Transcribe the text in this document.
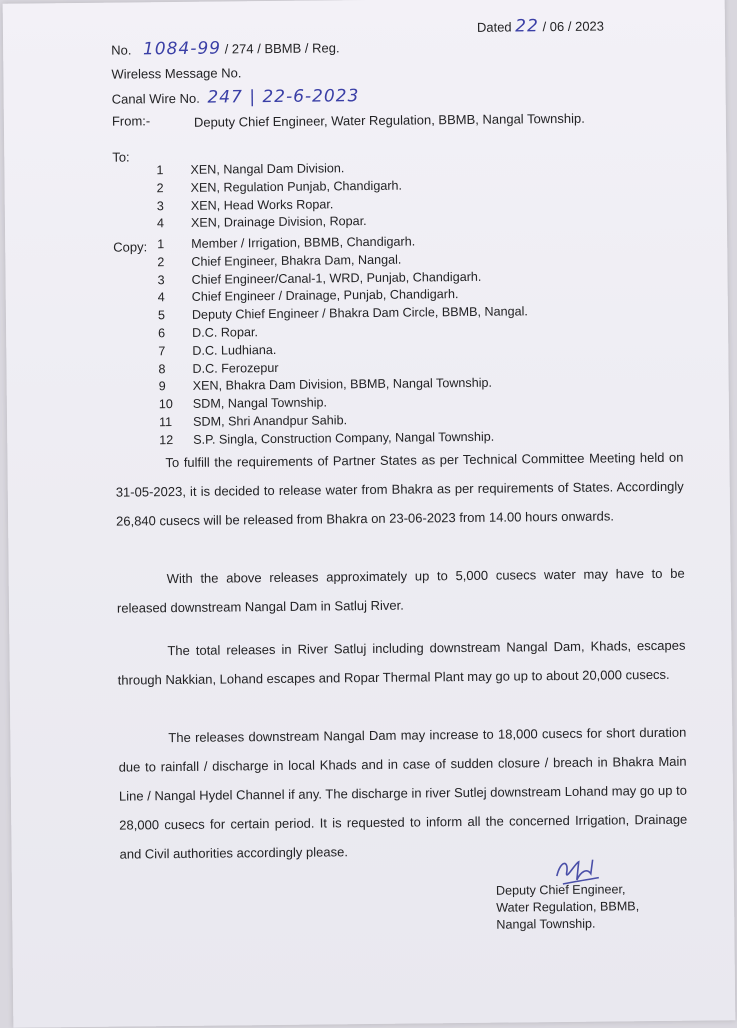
Dated 22 / 06 / 2023
No. 1084-99 / 274 / BBMB / Reg.
Wireless Message No.
Canal Wire No. 247 | 22-6-2023
From:-	Deputy Chief Engineer, Water Regulation, BBMB, Nangal Township.
To:
1 XEN, Nangal Dam Division.
2 XEN, Regulation Punjab, Chandigarh.
3 XEN, Head Works Ropar.
4 XEN, Drainage Division, Ropar.
Copy: 1 Member / Irrigation, BBMB, Chandigarh.
2 Chief Engineer, Bhakra Dam, Nangal.
3 Chief Engineer/Canal-1, WRD, Punjab, Chandigarh.
4 Chief Engineer / Drainage, Punjab, Chandigarh.
5 Deputy Chief Engineer / Bhakra Dam Circle, BBMB, Nangal.
6 D.C. Ropar.
7 D.C. Ludhiana.
8 D.C. Ferozepur
9 XEN, Bhakra Dam Division, BBMB, Nangal Township.
10 SDM, Nangal Township.
11 SDM, Shri Anandpur Sahib.
12 S.P. Singla, Construction Company, Nangal Township.
To fulfill the requirements of Partner States as per Technical Committee Meeting held on 31-05-2023, it is decided to release water from Bhakra as per requirements of States. Accordingly 26,840 cusecs will be released from Bhakra on 23-06-2023 from 14.00 hours onwards.
With the above releases approximately up to 5,000 cusecs water may have to be released downstream Nangal Dam in Satluj River.
The total releases in River Satluj including downstream Nangal Dam, Khads, escapes through Nakkian, Lohand escapes and Ropar Thermal Plant may go up to about 20,000 cusecs.
The releases downstream Nangal Dam may increase to 18,000 cusecs for short duration due to rainfall / discharge in local Khads and in case of sudden closure / breach in Bhakra Main Line / Nangal Hydel Channel if any. The discharge in river Sutlej downstream Lohand may go up to 28,000 cusecs for certain period. It is requested to inform all the concerned Irrigation, Drainage and Civil authorities accordingly please.
Deputy Chief Engineer,
Water Regulation, BBMB,
Nangal Township.
